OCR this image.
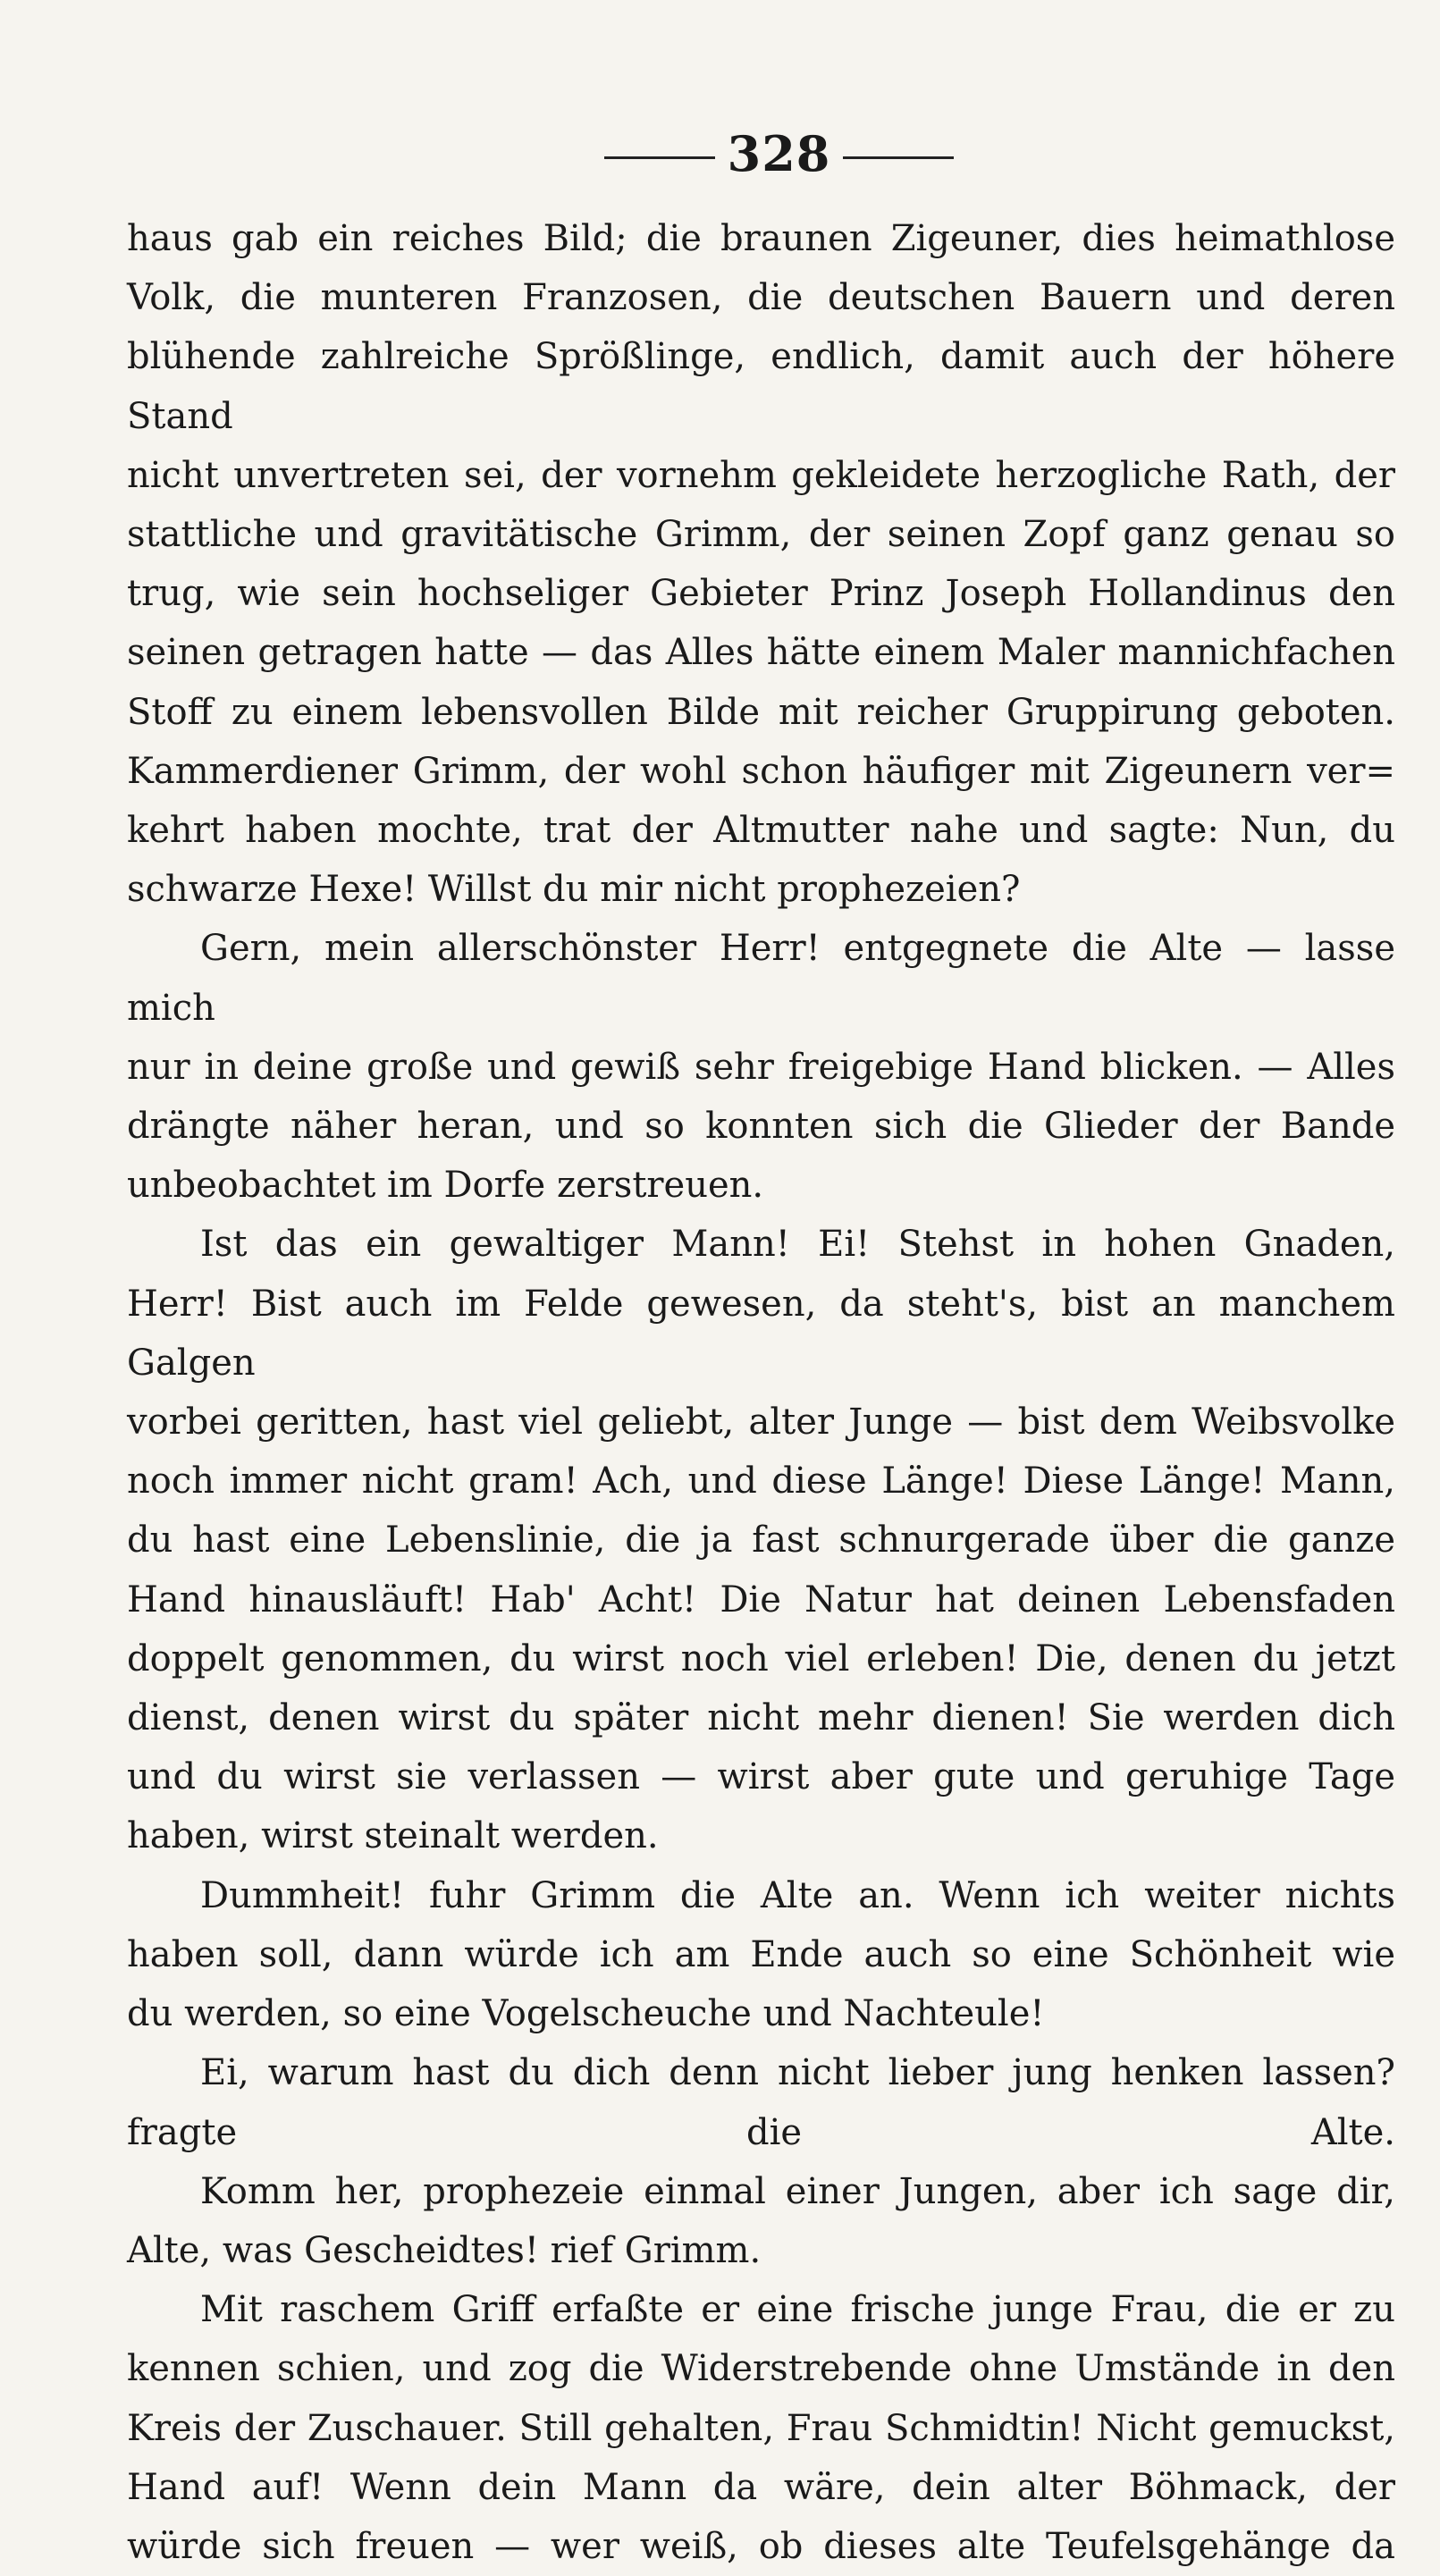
328

haus gab ein reiches Bild; die braunen Zigeuner, dies heimathlose

Volk, die munteren Franzosen, die deutschen Bauern und deren

blühende zahlreiche Sprößlinge, endlich, damit auch der höhere Stand

nicht unvertreten sei, der vornehm gekleidete herzogliche Rath, der

stattliche und gravitätische Grimm, der seinen Zopf ganz genau so

trug, wie sein hochseliger Gebieter Prinz Joseph Hollandinus den

seinen getragen hatte — das Alles hätte einem Maler mannichfachen

Stoff zu einem lebensvollen Bilde mit reicher Gruppirung geboten.

Kammerdiener Grimm, der wohl schon häufiger mit Zigeunern ver=

kehrt haben mochte, trat der Altmutter nahe und sagte: Nun, du

schwarze Hexe! Willst du mir nicht prophezeien?

Gern, mein allerschönster Herr! entgegnete die Alte — lasse mich

nur in deine große und gewiß sehr freigebige Hand blicken. — Alles

drängte näher heran, und so konnten sich die Glieder der Bande

unbeobachtet im Dorfe zerstreuen.

Ist das ein gewaltiger Mann! Ei! Stehst in hohen Gnaden,

Herr! Bist auch im Felde gewesen, da steht's, bist an manchem Galgen

vorbei geritten, hast viel geliebt, alter Junge — bist dem Weibsvolke

noch immer nicht gram! Ach, und diese Länge! Diese Länge! Mann,

du hast eine Lebenslinie, die ja fast schnurgerade über die ganze

Hand hinausläuft! Hab' Acht! Die Natur hat deinen Lebensfaden

doppelt genommen, du wirst noch viel erleben! Die, denen du jetzt

dienst, denen wirst du später nicht mehr dienen! Sie werden dich

und du wirst sie verlassen — wirst aber gute und geruhige Tage

haben, wirst steinalt werden.

Dummheit! fuhr Grimm die Alte an. Wenn ich weiter nichts

haben soll, dann würde ich am Ende auch so eine Schönheit wie

du werden, so eine Vogelscheuche und Nachteule!

Ei, warum hast du dich denn nicht lieber jung henken lassen? fragte die Alte.

Komm her, prophezeie einmal einer Jungen, aber ich sage dir,

Alte, was Gescheidtes! rief Grimm.

Mit raschem Griff erfaßte er eine frische junge Frau, die er zu

kennen schien, und zog die Widerstrebende ohne Umstände in den

Kreis der Zuschauer. Still gehalten, Frau Schmidtin! Nicht gemuckst,

Hand auf! Wenn dein Mann da wäre, dein alter Böhmack, der

würde sich freuen — wer weiß, ob dieses alte Teufelsgehänge da
